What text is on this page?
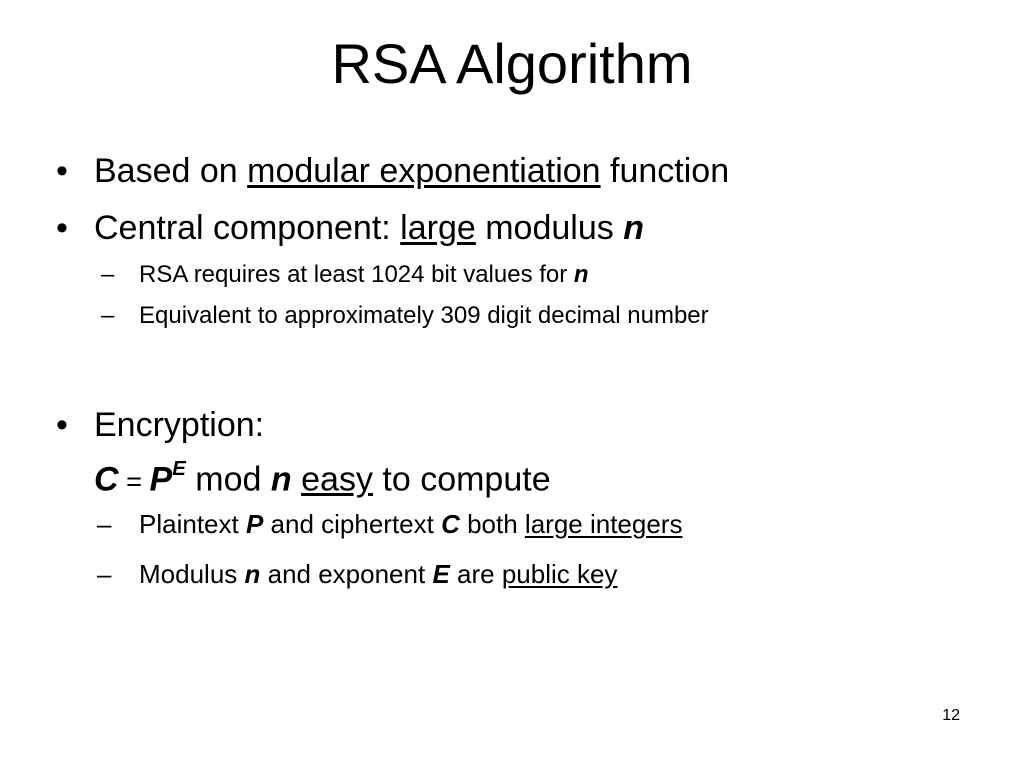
RSA Algorithm
• Based on modular exponentiation function
• Central component: large modulus n
– RSA requires at least 1024 bit values for n
– Equivalent to approximately 309 digit decimal number
• Encryption:
$C = P^E$ mod n easy to compute
– Plaintext P and ciphertext C both large integers
– Modulus n and exponent E are public key
12
